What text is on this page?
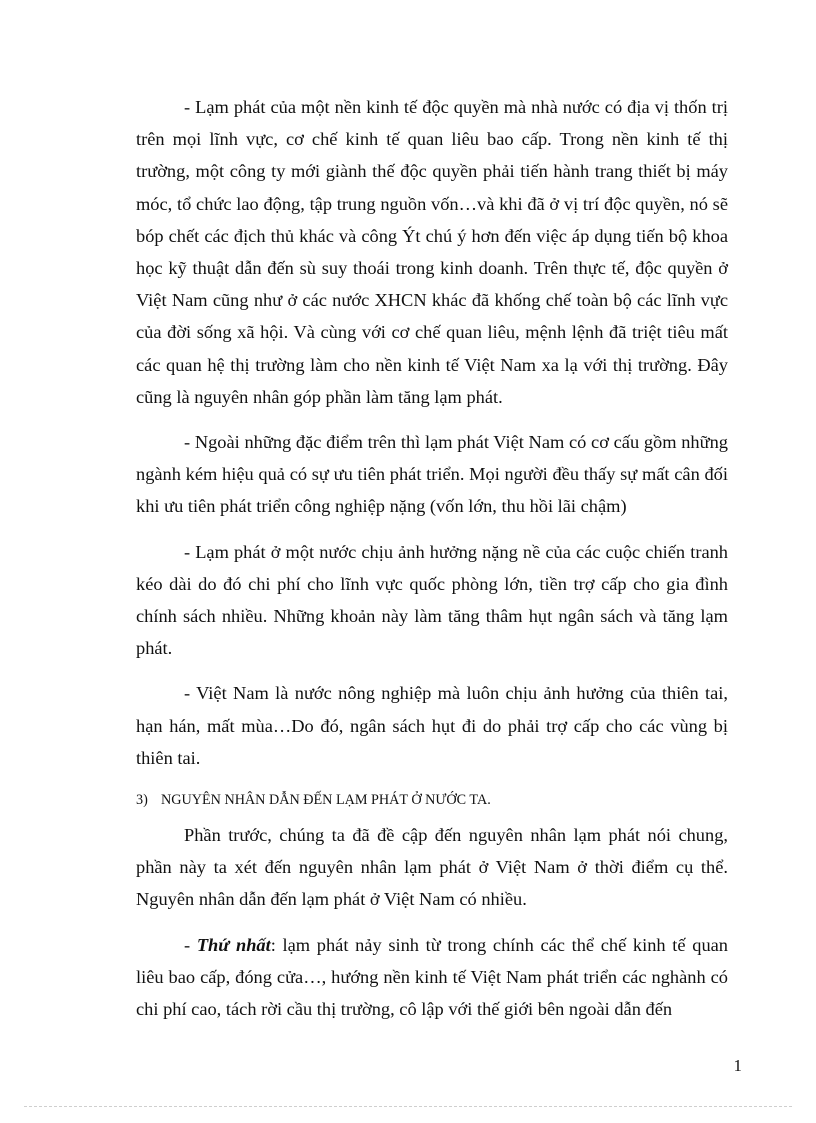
- Lạm phát của một nền kinh tế độc quyền mà nhà nước có địa vị thốn trị trên mọi lĩnh vực, cơ chế kinh tế quan liêu bao cấp. Trong nền kinh tế thị trường, một công ty mới giành thế độc quyền phải tiến hành trang thiết bị máy móc, tổ chức lao động, tập trung nguồn vốn…và khi đã ở vị trí độc quyền, nó sẽ bóp chết các địch thủ khác và công Ýt chú ý hơn đến việc áp dụng tiến bộ khoa học kỹ thuật dẫn đến sù suy thoái trong kinh doanh. Trên thực tế, độc quyền ở Việt Nam cũng như ở các nước XHCN khác đã khống chế toàn bộ các lĩnh vực của đời sống xã hội. Và cùng với cơ chế quan liêu, mệnh lệnh đã triệt tiêu mất các quan hệ thị trường làm cho nền kinh tế Việt Nam xa lạ với thị trường. Đây cũng là nguyên nhân góp phần làm tăng lạm phát.

- Ngoài những đặc điểm trên thì lạm phát Việt Nam có cơ cấu gồm những ngành kém hiệu quả có sự ưu tiên phát triển. Mọi người đều thấy sự mất cân đối khi ưu tiên phát triển công nghiệp nặng (vốn lớn, thu hồi lãi chậm)

- Lạm phát ở một nước chịu ảnh hưởng nặng nề của các cuộc chiến tranh kéo dài do đó chi phí cho lĩnh vực quốc phòng lớn, tiền trợ cấp cho gia đình chính sách nhiều. Những khoản này làm tăng thâm hụt ngân sách và tăng lạm phát.

- Việt Nam là nước nông nghiệp mà luôn chịu ảnh hưởng của thiên tai, hạn hán, mất mùa…Do đó, ngân sách hụt đi do phải trợ cấp cho các vùng bị thiên tai.

3) NGUYÊN NHÂN DẪN ĐẾN LẠM PHÁT Ở NƯỚC TA.

Phần trước, chúng ta đã đề cập đến nguyên nhân lạm phát nói chung, phần này ta xét đến nguyên nhân lạm phát ở Việt Nam ở thời điểm cụ thể. Nguyên nhân dẫn đến lạm phát ở Việt Nam có nhiều.

- Thứ nhất: lạm phát nảy sinh từ trong chính các thể chế kinh tế quan liêu bao cấp, đóng cửa…, hướng nền kinh tế Việt Nam phát triển các nghành có chi phí cao, tách rời cầu thị trường, cô lập với thế giới bên ngoài dẫn đến

1
